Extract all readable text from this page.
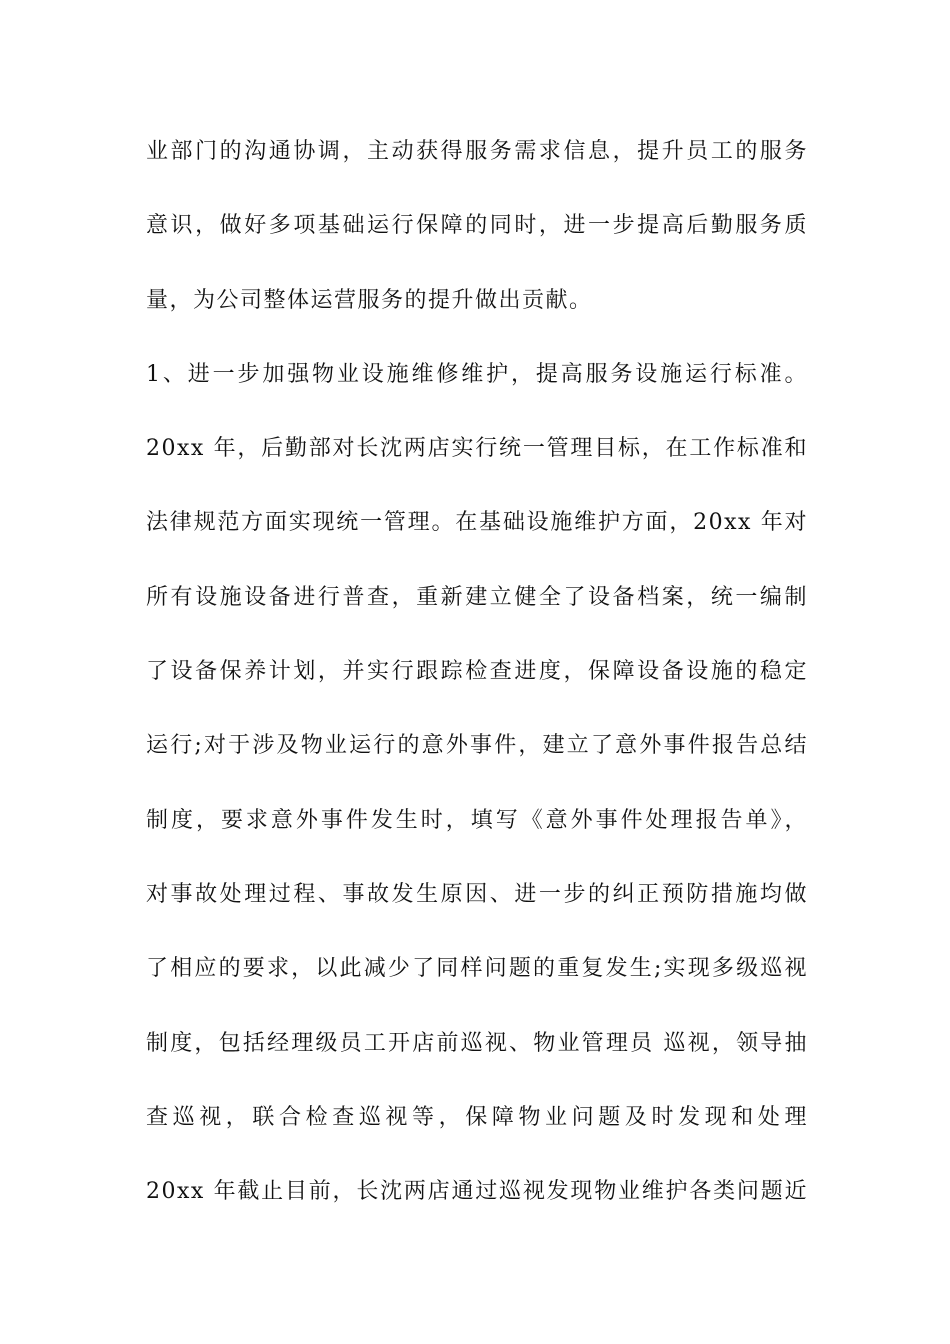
业部门的沟通协调，主动获得服务需求信息，提升员工的服务
意识，做好多项基础运行保障的同时，进一步提高后勤服务质
量，为公司整体运营服务的提升做出贡献。
1、进一步加强物业设施维修维护，提高服务设施运行标准。
20xx 年，后勤部对长沈两店实行统一管理目标，在工作标准和
法律规范方面实现统一管理。在基础设施维护方面，20xx 年对
所有设施设备进行普查，重新建立健全了设备档案，统一编制
了设备保养计划，并实行跟踪检查进度，保障设备设施的稳定
运行;对于涉及物业运行的意外事件，建立了意外事件报告总结
制度，要求意外事件发生时，填写《意外事件处理报告单》，
对事故处理过程、事故发生原因、进一步的纠正预防措施均做
了相应的要求，以此减少了同样问题的重复发生;实现多级巡视
制度，包括经理级员工开店前巡视、物业管理员 巡视，领导抽
查巡视，联合检查巡视等，保障物业问题及时发现和处理
20xx 年截止目前，长沈两店通过巡视发现物业维护各类问题近
